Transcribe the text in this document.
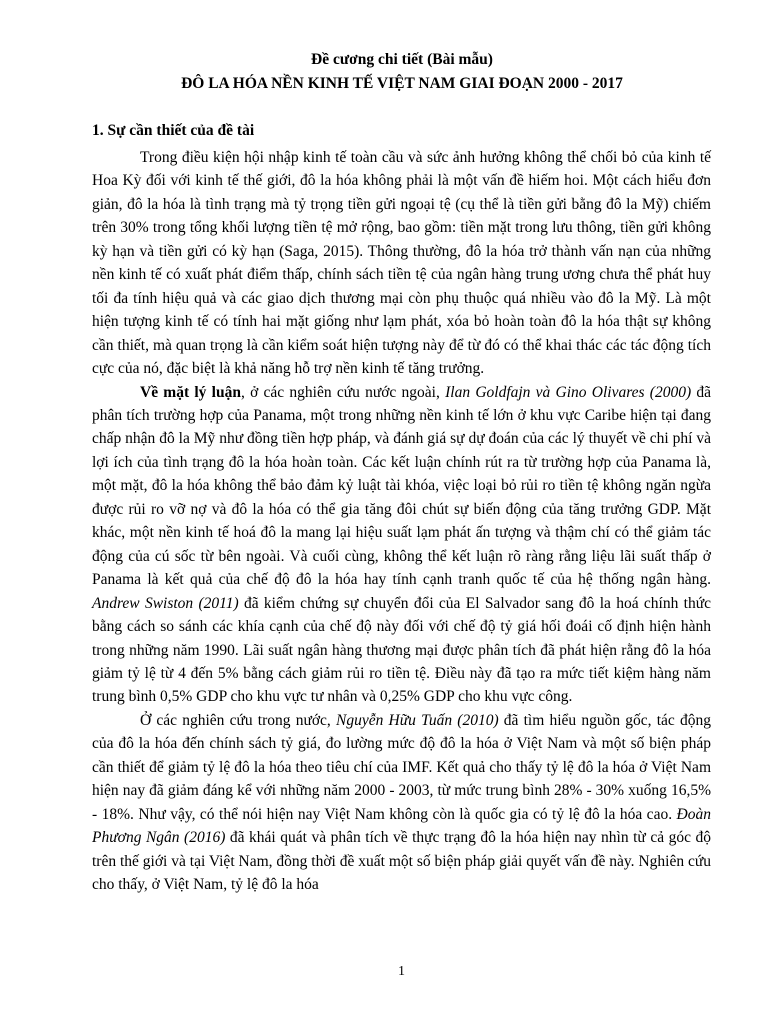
Đề cương chi tiết (Bài mẫu)
ĐÔ LA HÓA NỀN KINH TẾ VIỆT NAM GIAI ĐOẠN 2000 - 2017
1. Sự cần thiết của đề tài

Trong điều kiện hội nhập kinh tế toàn cầu và sức ảnh hưởng không thể chối bỏ của kinh tế Hoa Kỳ đối với kinh tế thế giới, đô la hóa không phải là một vấn đề hiếm hoi. Một cách hiểu đơn giản, đô la hóa là tình trạng mà tỷ trọng tiền gửi ngoại tệ (cụ thể là tiền gửi bằng đô la Mỹ) chiếm trên 30% trong tổng khối lượng tiền tệ mở rộng, bao gồm: tiền mặt trong lưu thông, tiền gửi không kỳ hạn và tiền gửi có kỳ hạn (Saga, 2015). Thông thường, đô la hóa trở thành vấn nạn của những nền kinh tế có xuất phát điểm thấp, chính sách tiền tệ của ngân hàng trung ương chưa thể phát huy tối đa tính hiệu quả và các giao dịch thương mại còn phụ thuộc quá nhiều vào đô la Mỹ. Là một hiện tượng kinh tế có tính hai mặt giống như lạm phát, xóa bỏ hoàn toàn đô la hóa thật sự không cần thiết, mà quan trọng là cần kiểm soát hiện tượng này để từ đó có thể khai thác các tác động tích cực của nó, đặc biệt là khả năng hỗ trợ nền kinh tế tăng trưởng.

Về mặt lý luận, ở các nghiên cứu nước ngoài, Ilan Goldfajn và Gino Olivares (2000) đã phân tích trường hợp của Panama, một trong những nền kinh tế lớn ở khu vực Caribe hiện tại đang chấp nhận đô la Mỹ như đồng tiền hợp pháp, và đánh giá sự dự đoán của các lý thuyết về chi phí và lợi ích của tình trạng đô la hóa hoàn toàn. Các kết luận chính rút ra từ trường hợp của Panama là, một mặt, đô la hóa không thể bảo đảm kỷ luật tài khóa, việc loại bỏ rủi ro tiền tệ không ngăn ngừa được rủi ro vỡ nợ và đô la hóa có thể gia tăng đôi chút sự biến động của tăng trưởng GDP. Mặt khác, một nền kinh tế hoá đô la mang lại hiệu suất lạm phát ấn tượng và thậm chí có thể giảm tác động của cú sốc từ bên ngoài. Và cuối cùng, không thể kết luận rõ ràng rằng liệu lãi suất thấp ở Panama là kết quả của chế độ đô la hóa hay tính cạnh tranh quốc tế của hệ thống ngân hàng. Andrew Swiston (2011) đã kiểm chứng sự chuyển đổi của El Salvador sang đô la hoá chính thức bằng cách so sánh các khía cạnh của chế độ này đối với chế độ tỷ giá hối đoái cố định hiện hành trong những năm 1990. Lãi suất ngân hàng thương mại được phân tích đã phát hiện rằng đô la hóa giảm tỷ lệ từ 4 đến 5% bằng cách giảm rủi ro tiền tệ. Điều này đã tạo ra mức tiết kiệm hàng năm trung bình 0,5% GDP cho khu vực tư nhân và 0,25% GDP cho khu vực công.

Ở các nghiên cứu trong nước, Nguyễn Hữu Tuấn (2010) đã tìm hiểu nguồn gốc, tác động của đô la hóa đến chính sách tỷ giá, đo lường mức độ đô la hóa ở Việt Nam và một số biện pháp cần thiết để giảm tỷ lệ đô la hóa theo tiêu chí của IMF. Kết quả cho thấy tỷ lệ đô la hóa ở Việt Nam hiện nay đã giảm đáng kể với những năm 2000 - 2003, từ mức trung bình 28% - 30% xuống 16,5% - 18%. Như vậy, có thể nói hiện nay Việt Nam không còn là quốc gia có tỷ lệ đô la hóa cao. Đoàn Phương Ngân (2016) đã khái quát và phân tích về thực trạng đô la hóa hiện nay nhìn từ cả góc độ trên thế giới và tại Việt Nam, đồng thời đề xuất một số biện pháp giải quyết vấn đề này. Nghiên cứu cho thấy, ở Việt Nam, tỷ lệ đô la hóa

1
